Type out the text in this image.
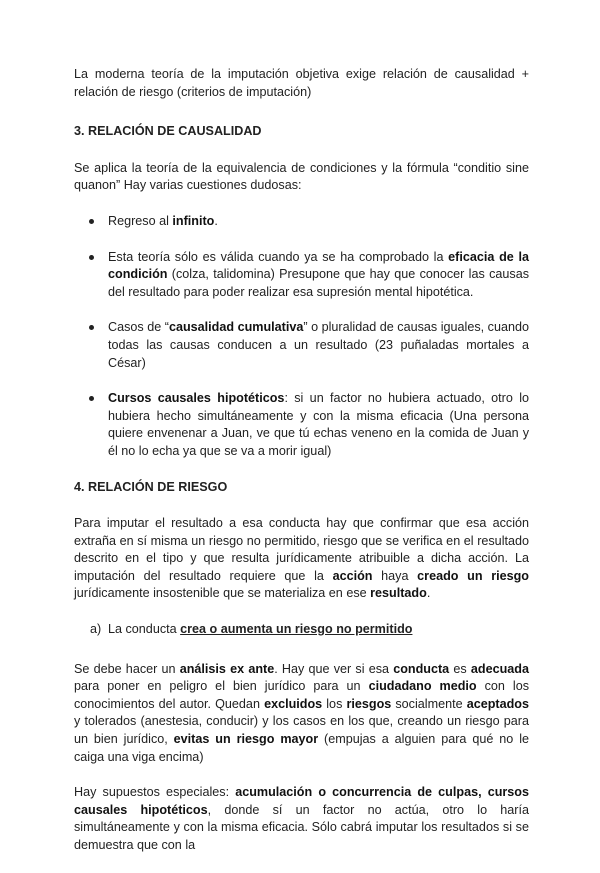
La moderna teoría de la imputación objetiva exige relación de causalidad + relación de riesgo (criterios de imputación)

3. RELACIÓN DE CAUSALIDAD

Se aplica la teoría de la equivalencia de condiciones y la fórmula “conditio sine quanon” Hay varias cuestiones dudosas:

Regreso al infinito.
Esta teoría sólo es válida cuando ya se ha comprobado la eficacia de la condición (colza, talidomina) Presupone que hay que conocer las causas del resultado para poder realizar esa supresión mental hipotética.
Casos de “causalidad cumulativa” o pluralidad de causas iguales, cuando todas las causas conducen a un resultado (23 puñaladas mortales a César)
Cursos causales hipotéticos: si un factor no hubiera actuado, otro lo hubiera hecho simultáneamente y con la misma eficacia (Una persona quiere envenenar a Juan, ve que tú echas veneno en la comida de Juan y él no lo echa ya que se va a morir igual)

4. RELACIÓN DE RIESGO

Para imputar el resultado a esa conducta hay que confirmar que esa acción extraña en sí misma un riesgo no permitido, riesgo que se verifica en el resultado descrito en el tipo y que resulta jurídicamente atribuible a dicha acción. La imputación del resultado requiere que la acción haya creado un riesgo jurídicamente insostenible que se materializa en ese resultado.

a) La conducta crea o aumenta un riesgo no permitido

Se debe hacer un análisis ex ante. Hay que ver si esa conducta es adecuada para poner en peligro el bien jurídico para un ciudadano medio con los conocimientos del autor. Quedan excluidos los riesgos socialmente aceptados y tolerados (anestesia, conducir) y los casos en los que, creando un riesgo para un bien jurídico, evitas un riesgo mayor (empujas a alguien para qué no le caiga una viga encima)

Hay supuestos especiales: acumulación o concurrencia de culpas, cursos causales hipotéticos, donde sí un factor no actúa, otro lo haría simultáneamente y con la misma eficacia. Sólo cabrá imputar los resultados si se demuestra que con la
